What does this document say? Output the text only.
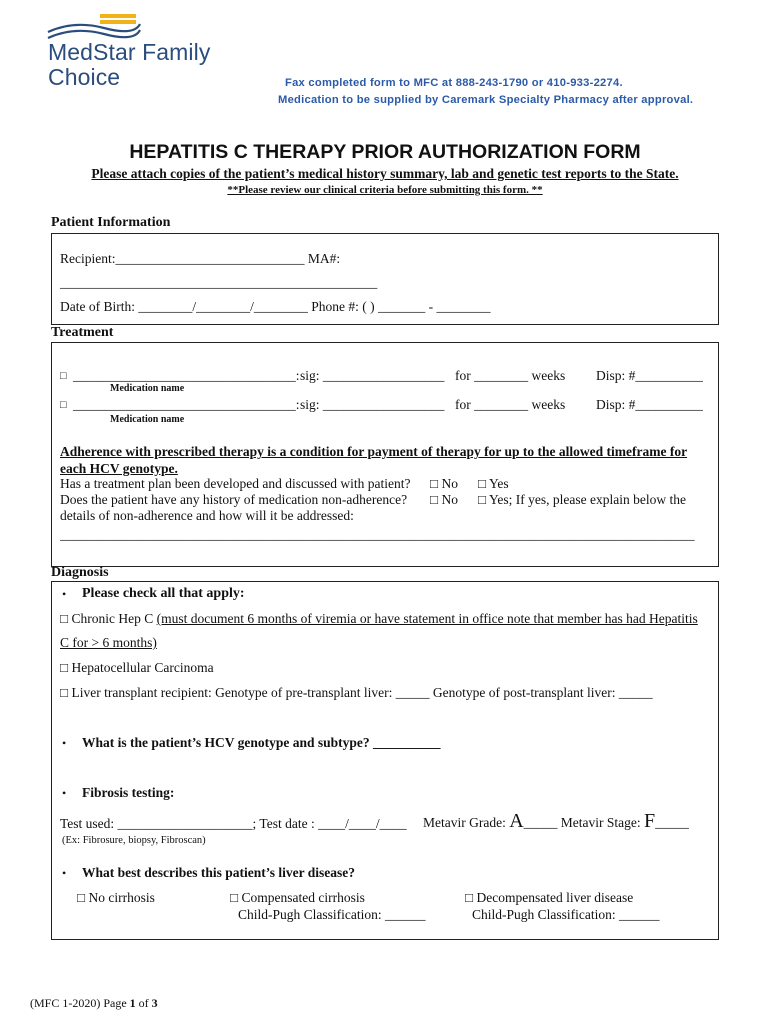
MedStar Family
Choice	Fax completed form to MFC at 888-243-1790 or 410-933-2274.
Medication to be supplied by Caremark Specialty Pharmacy after approval.
HEPATITIS C THERAPY PRIOR AUTHORIZATION FORM
Please attach copies of the patient’s medical history summary, lab and genetic test reports to the State.
**Please review our clinical criteria before submitting this form. **
Patient Information
Recipient:____________________________ MA#:
_______________________________________________
Date of Birth: ________/________/________ Phone #: ( ) _______ - ________
Treatment
□ _________________________________: sig: __________________ for ________ weeks Disp: #__________
Medication name
□ _________________________________: sig: __________________ for ________ weeks Disp: #__________
Medication name
Adherence with prescribed therapy is a condition for payment of therapy for up to the allowed timeframe for
each HCV genotype.
Has a treatment plan been developed and discussed with patient? □ No □ Yes
Does the patient have any history of medication non-adherence? □ No □ Yes; If yes, please explain below the
details of non-adherence and how will it be addressed:
______________________________________________________________________________________________
Diagnosis
• Please check all that apply:
□ Chronic Hep C (must document 6 months of viremia or have statement in office note that member has had Hepatitis
C for > 6 months)
□ Hepatocellular Carcinoma
□ Liver transplant recipient: Genotype of pre-transplant liver: _____ Genotype of post-transplant liver: _____
• What is the patient’s HCV genotype and subtype? __________
• Fibrosis testing:
Test used: ____________________; Test date : ____/____/____ Metavir Grade: A_____ Metavir Stage: F_____
(Ex: Fibrosure, biopsy, Fibroscan)
• What best describes this patient’s liver disease?
□ No cirrhosis	□ Compensated cirrhosis
Child-Pugh Classification: ______
□ Decompensated liver disease
Child-Pugh Classification: ______
(MFC 1-2020) Page 1 of 3
